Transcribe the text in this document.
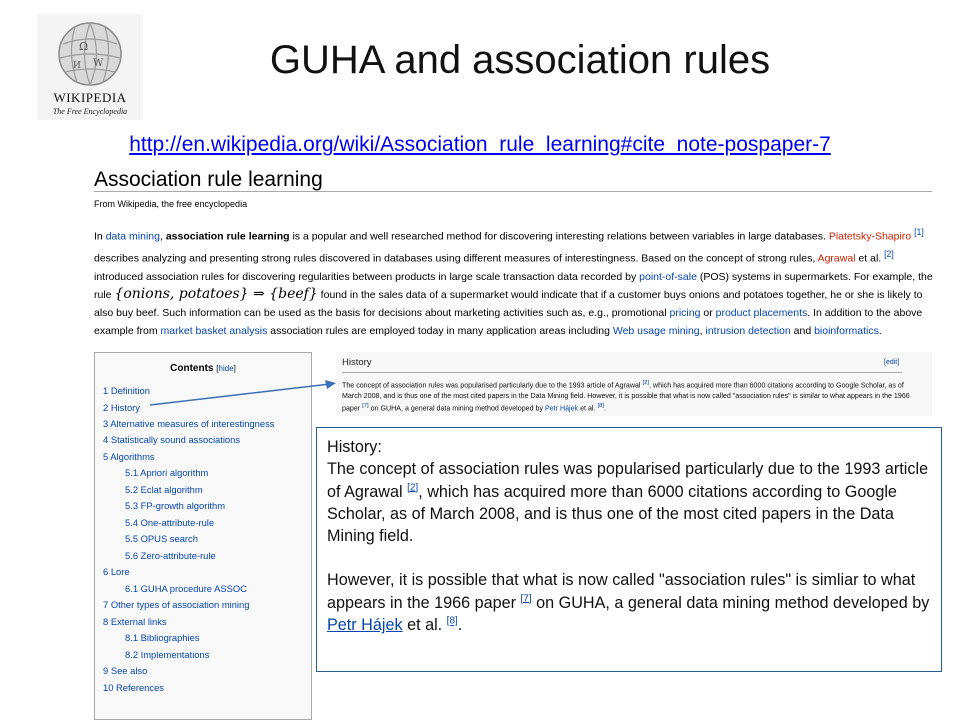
Ω
W
И
WIKIPEDIA
The Free Encyclopedia
GUHA and association rules
http://en.wikipedia.org/wiki/Association_rule_learning#cite_note-pospaper-7
Association rule learning
From Wikipedia, the free encyclopedia
In data mining, association rule learning is a popular and well researched method for discovering interesting relations between variables in large databases. Piatetsky-Shapiro [1] describes analyzing and presenting strong rules discovered in databases using different measures of interestingness. Based on the concept of strong rules, Agrawal et al. [2] introduced association rules for discovering regularities between products in large scale transaction data recorded by point-of-sale (POS) systems in supermarkets. For example, the rule {onions, potatoes} ⇒ {beef} found in the sales data of a supermarket would indicate that if a customer buys onions and potatoes together, he or she is likely to also buy beef. Such information can be used as the basis for decisions about marketing activities such as, e.g., promotional pricing or product placements. In addition to the above example from market basket analysis association rules are employed today in many application areas including Web usage mining, intrusion detection and bioinformatics.
Contents [hide]
1 Definition
2 History
3 Alternative measures of interestingness
4 Statistically sound associations
5 Algorithms
5.1 Apriori algorithm
5.2 Eclat algorithm
5.3 FP-growth algorithm
5.4 One-attribute-rule
5.5 OPUS search
5.6 Zero-attribute-rule
6 Lore
6.1 GUHA procedure ASSOC
7 Other types of association mining
8 External links
8.1 Bibliographies
8.2 Implementations
9 See also
10 References
History	[edit]
The concept of association rules was popularised particularly due to the 1993 article of Agrawal [2], which has acquired more than 6000 citations according to Google Scholar, as of March 2008, and is thus one of the most cited papers in the Data Mining field. However, it is possible that what is now called "association rules" is similar to what appears in the 1966 paper [7] on GUHA, a general data mining method developed by Petr Hájek et al. [8].

History:

The concept of association rules was popularised particularly due to the 1993 article of Agrawal [2], which has acquired more than 6000 citations according to Google Scholar, as of March 2008, and is thus one of the most cited papers in the Data Mining field.

However, it is possible that what is now called "association rules" is simliar to what appears in the 1966 paper [7] on GUHA, a general data mining method developed by Petr Hájek et al. [8].
